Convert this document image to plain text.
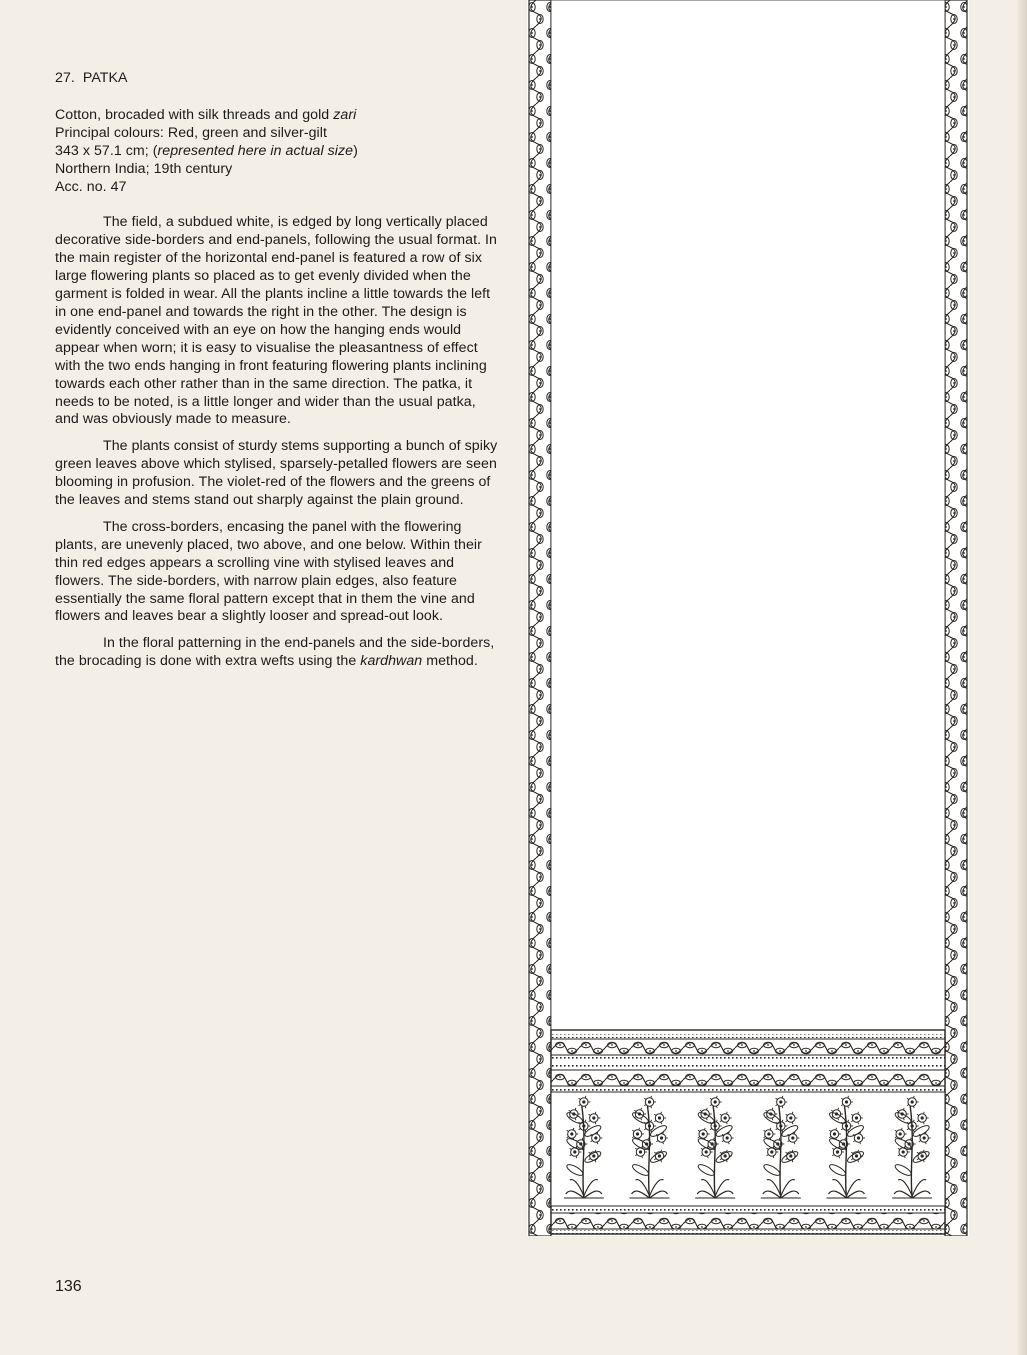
27. PATKA

Cotton, brocaded with silk threads and gold zari

Principal colours: Red, green and silver-gilt

343 x 57.1 cm; (represented here in actual size)

Northern India; 19th century

Acc. no. 47

The field, a subdued white, is edged by long vertically placed decorative side-borders and end-panels, following the usual format. In the main register of the horizontal end-panel is featured a row of six large flowering plants so placed as to get evenly divided when the garment is folded in wear. All the plants incline a little towards the left in one end-panel and towards the right in the other. The design is evidently conceived with an eye on how the hanging ends would appear when worn; it is easy to visualise the pleasantness of effect with the two ends hanging in front featuring flowering plants inclining towards each other rather than in the same direction. The patka, it needs to be noted, is a little longer and wider than the usual patka, and was obviously made to measure.

The plants consist of sturdy stems supporting a bunch of spiky green leaves above which stylised, sparsely-petalled flowers are seen blooming in profusion. The violet-red of the flowers and the greens of the leaves and stems stand out sharply against the plain ground.

The cross-borders, encasing the panel with the flowering plants, are unevenly placed, two above, and one below. Within their thin red edges appears a scrolling vine with stylised leaves and flowers. The side-borders, with narrow plain edges, also feature essentially the same floral pattern except that in them the vine and flowers and leaves bear a slightly looser and spread-out look.

In the floral patterning in the end-panels and the side-borders, the brocading is done with extra wefts using the kardhwan method.

136
